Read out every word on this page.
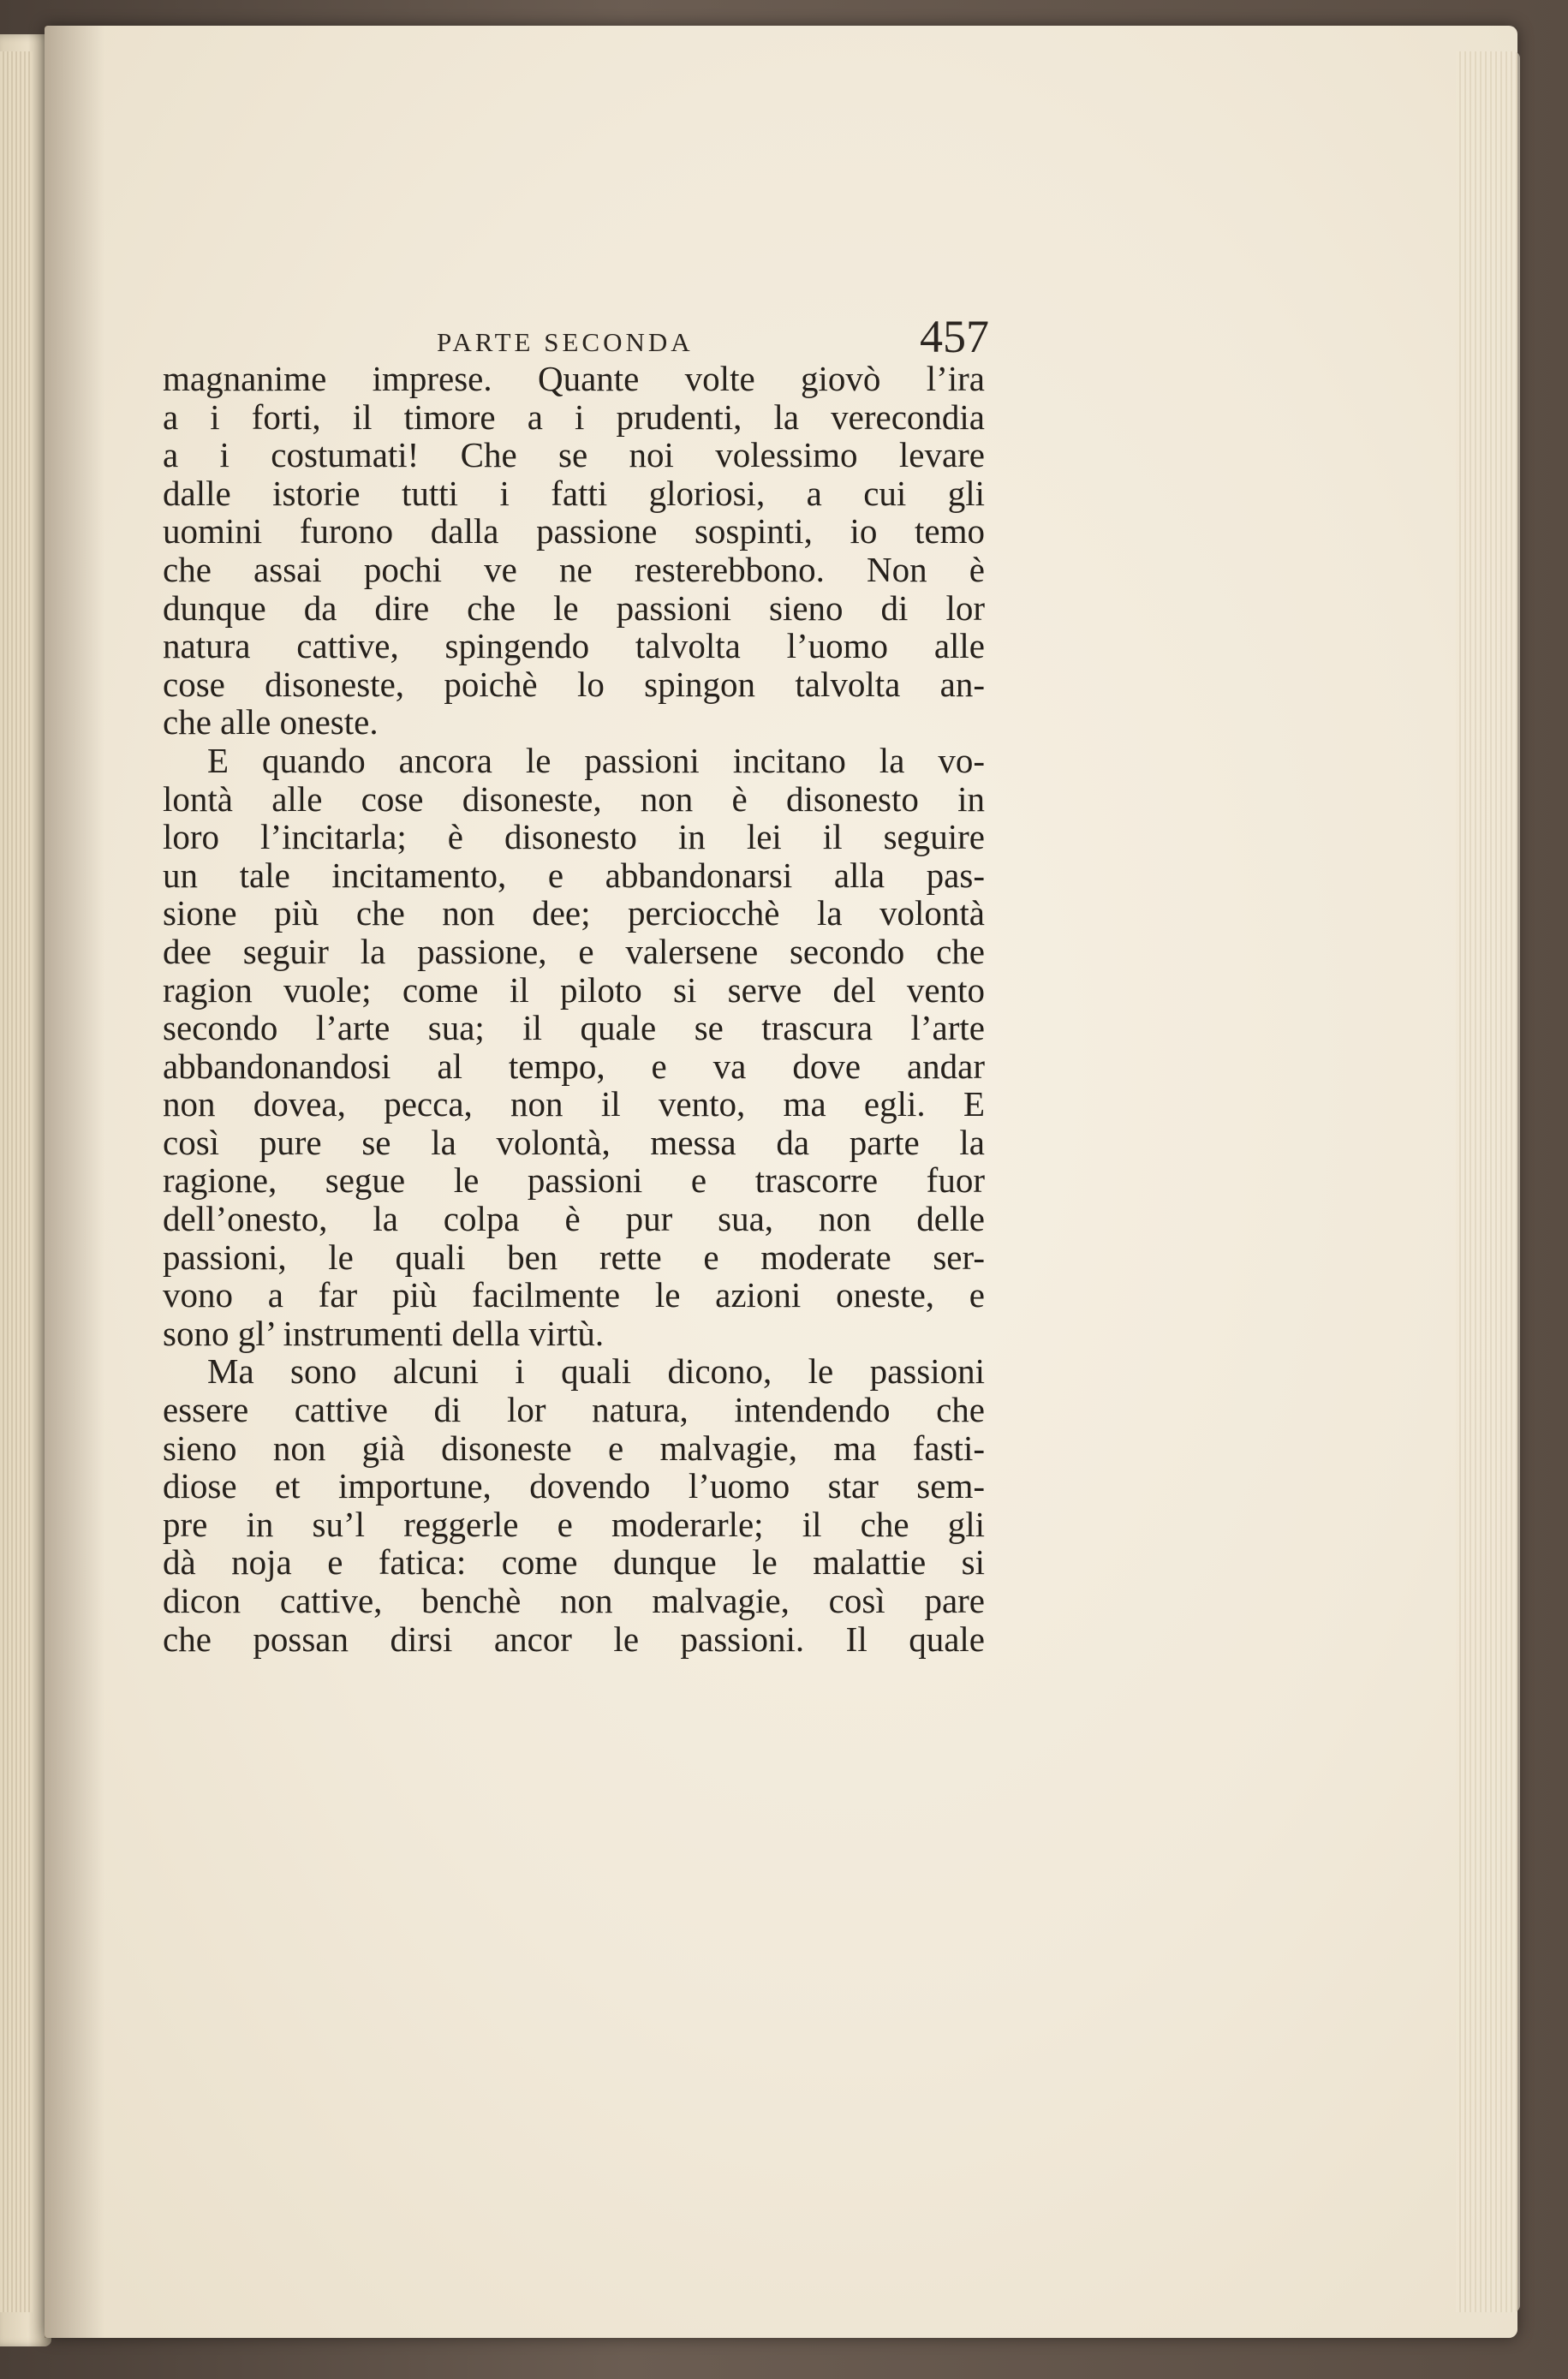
PARTE SECONDA	457
magnanime imprese. Quante volte giovò l’ira
a i forti, il timore a i prudenti, la verecondia
a i costumati! Che se noi volessimo levare
dalle istorie tutti i fatti gloriosi, a cui gli
uomini furono dalla passione sospinti, io temo
che assai pochi ve ne resterebbono. Non è
dunque da dire che le passioni sieno di lor
natura cattive, spingendo talvolta l’uomo alle
cose disoneste, poichè lo spingon talvolta an-
che alle oneste.
E quando ancora le passioni incitano la vo-
lontà alle cose disoneste, non è disonesto in
loro l’incitarla; è disonesto in lei il seguire
un tale incitamento, e abbandonarsi alla pas-
sione più che non dee; perciocchè la volontà
dee seguir la passione, e valersene secondo che
ragion vuole; come il piloto si serve del vento
secondo l’arte sua; il quale se trascura l’arte
abbandonandosi al tempo, e va dove andar
non dovea, pecca, non il vento, ma egli. E
così pure se la volontà, messa da parte la
ragione, segue le passioni e trascorre fuor
dell’onesto, la colpa è pur sua, non delle
passioni, le quali ben rette e moderate ser-
vono a far più facilmente le azioni oneste, e
sono gl’ instrumenti della virtù.
Ma sono alcuni i quali dicono, le passioni
essere cattive di lor natura, intendendo che
sieno non già disoneste e malvagie, ma fasti-
diose et importune, dovendo l’uomo star sem-
pre in su’l reggerle e moderarle; il che gli
dà noja e fatica: come dunque le malattie si
dicon cattive, benchè non malvagie, così pare
che possan dirsi ancor le passioni. Il quale
